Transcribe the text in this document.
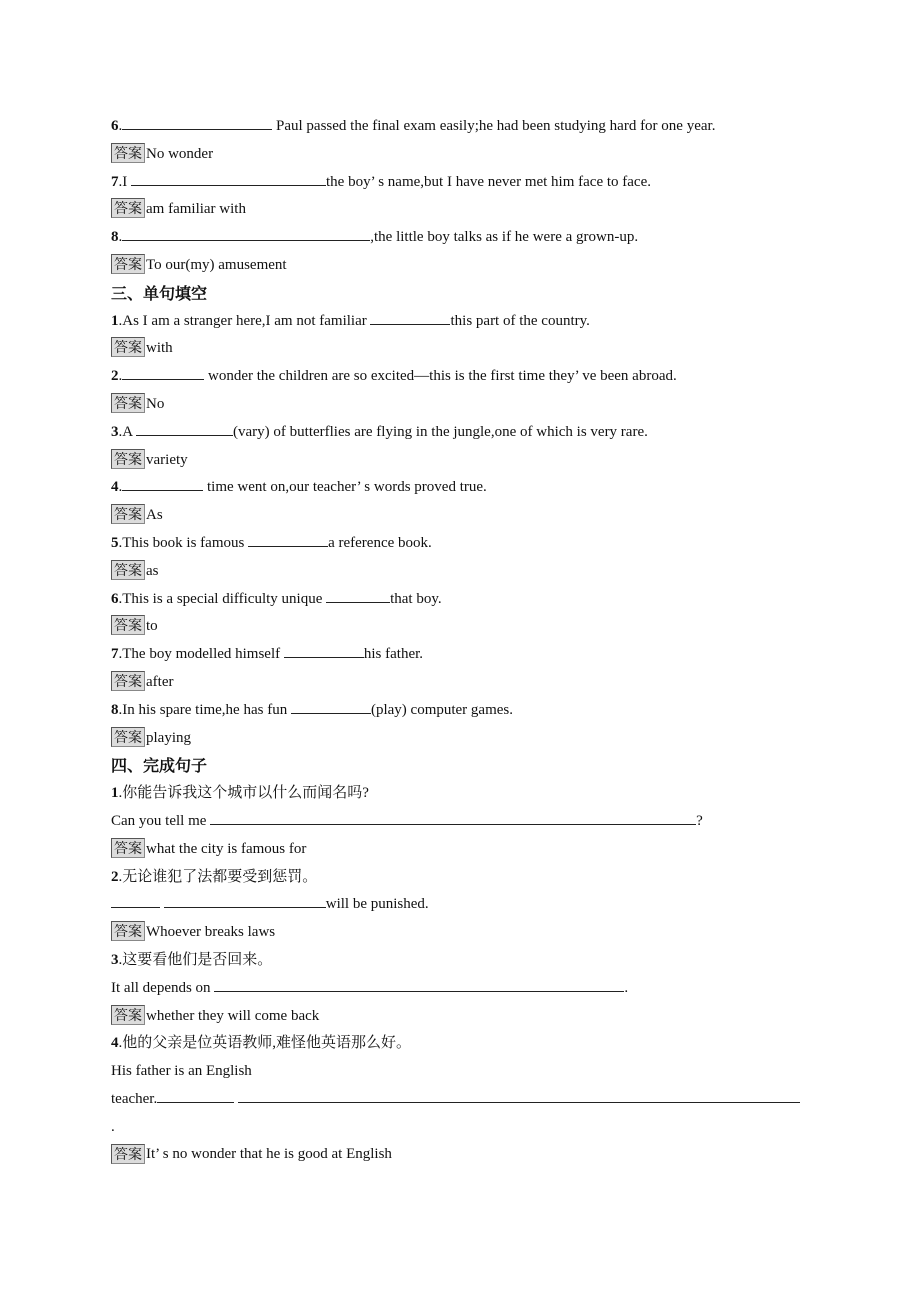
6.	Paul passed the final exam easily;he had been studying hard for one year.
答案 No wonder
7.I	the boy’ s name,but I have never met him face to face.
答案 am familiar with
8.	,the little boy talks as if he were a grown-up.
答案 To our(my) amusement
三、单句填空
1.As I am a stranger here,I am not familiar	this part of the country.
答案 with
2.	wonder the children are so excited—this is the first time they’ ve been abroad.
答案 No
3.A	(vary) of butterflies are flying in the jungle,one of which is very rare.
答案 variety
4.	time went on,our teacher’ s words proved true.
答案 As
5.This book is famous	a reference book.
答案 as
6.This is a special difficulty unique	that boy.
答案 to
7.The boy modelled himself	his father.
答案 after
8.In his spare time,he has fun	(play) computer games.
答案 playing
四、完成句子
1.你能告诉我这个城市以什么而闻名吗?
Can you tell me	?
答案 what the city is famous for
2.无论谁犯了法都要受到惩罚。
will be punished.
答案 Whoever breaks laws
3.这要看他们是否回来。
It all depends on	.
答案 whether they will come back
4.他的父亲是位英语教师,难怪他英语那么好。
His father is an English
teacher.
.
答案 It’ s no wonder that he is good at English
